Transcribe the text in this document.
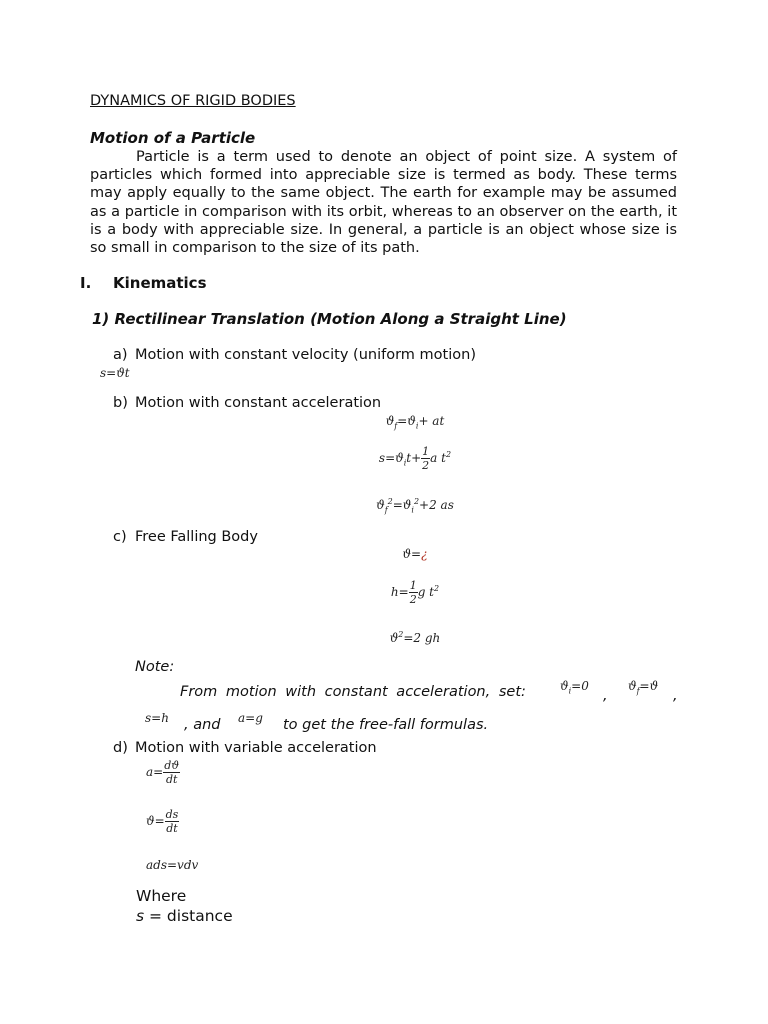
DYNAMICS OF RIGID BODIES
Motion of a Particle
Particle is a term used to denote an object of point size. A system of particles which formed into appreciable size is termed as body. These terms may apply equally to the same object. The earth for example may be assumed as a particle in comparison with its orbit, whereas to an observer on the earth, it is a body with appreciable size. In general, a particle is an object whose size is so small in comparison to the size of its path.
I. Kinematics
1) Rectilinear Translation (Motion Along a Straight Line)
a) Motion with constant velocity (uniform motion)
s=ϑt
b) Motion with constant acceleration
$ϑ_f=ϑ_i+$ at
$s=ϑ_it+ \frac{1}{2}$ a $t^2$
$ϑ_f^2=ϑ_i^2+2$ as
c) Free Falling Body
ϑ=¿
$h= \frac{1}{2}$ g $t^2$
$ϑ^2=2$ gh
Note:
From motion with constant acceleration, set:	$ϑ_i=0$
,
$ϑ_f=ϑ$
,
s=h , and a=g to get the free-fall formulas.
d) Motion with variable acceleration
$a= \frac{dϑ}{dt}$
$ϑ= \frac{ds}{dt}$
ads=vdv
Where
s = distance
